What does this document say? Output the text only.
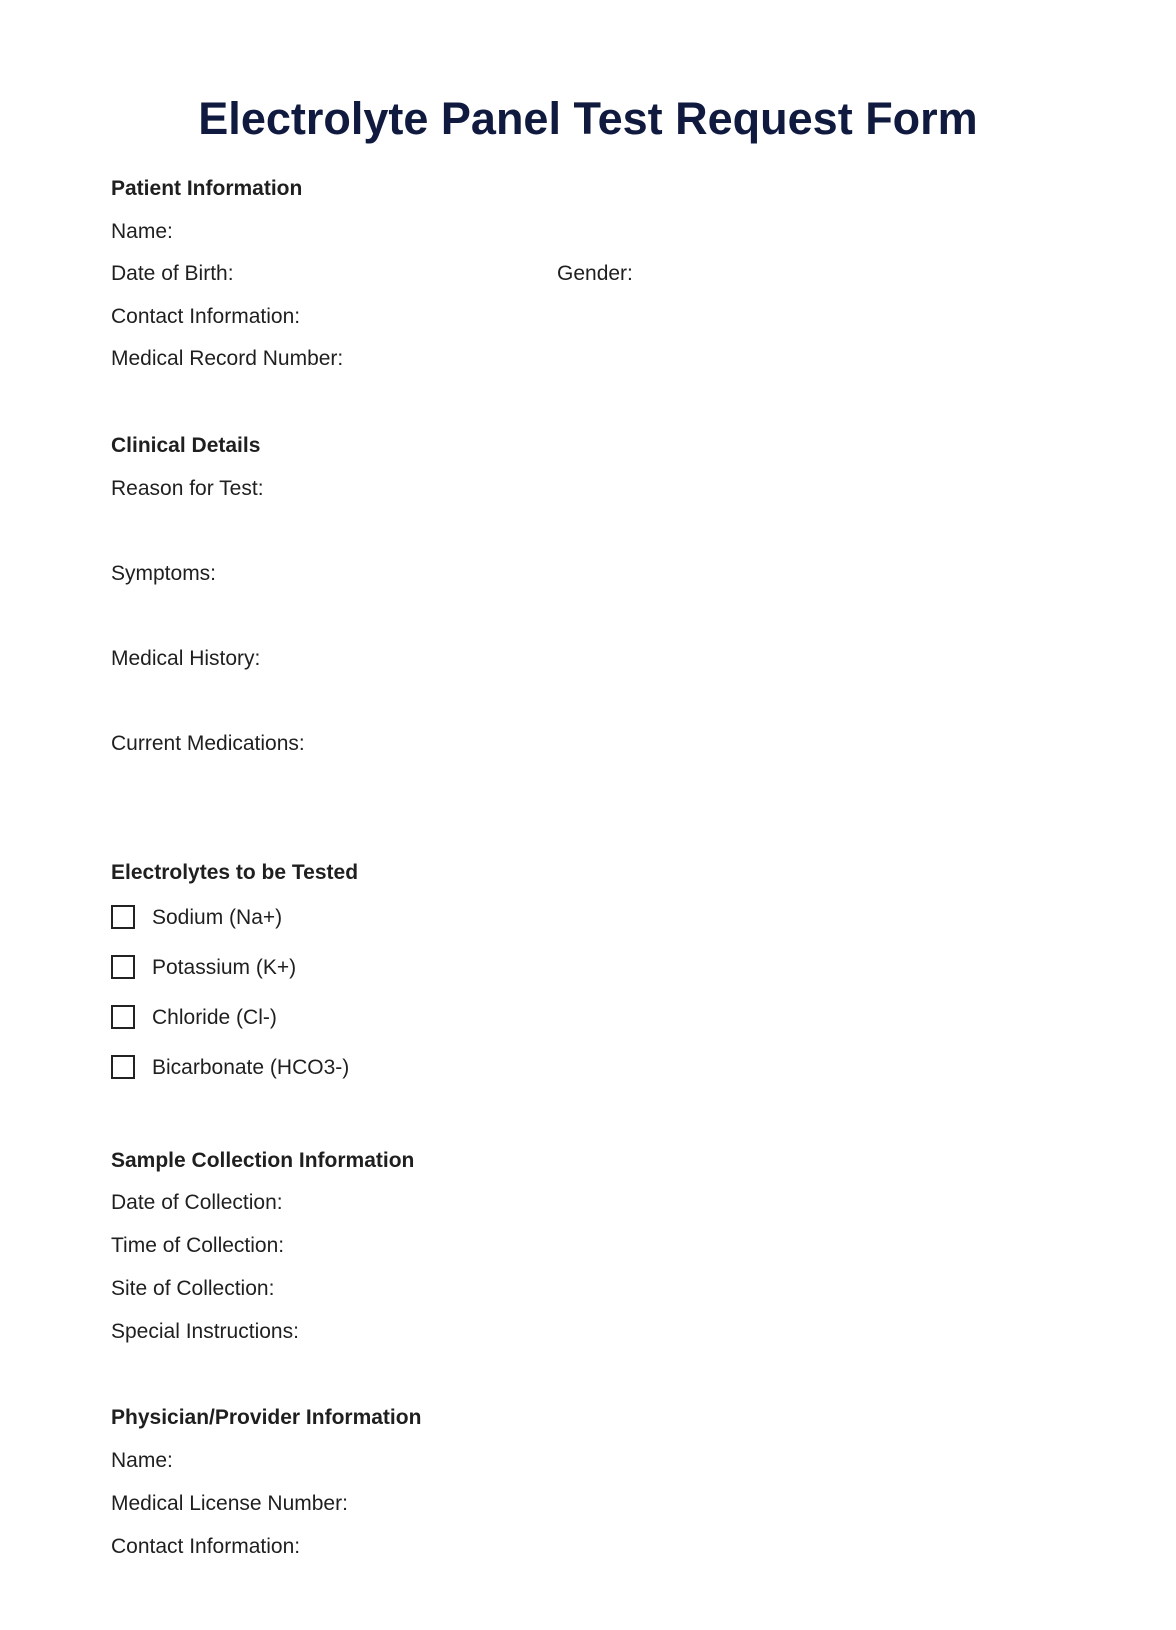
Electrolyte Panel Test Request Form
Patient Information
Name:
Date of Birth:	Gender:
Contact Information:
Medical Record Number:
Clinical Details
Reason for Test:
Symptoms:
Medical History:
Current Medications:
Electrolytes to be Tested
Sodium (Na+)
Potassium (K+)
Chloride (Cl-)
Bicarbonate (HCO3-)
Sample Collection Information
Date of Collection:
Time of Collection:
Site of Collection:
Special Instructions:
Physician/Provider Information
Name:
Medical License Number:
Contact Information:
